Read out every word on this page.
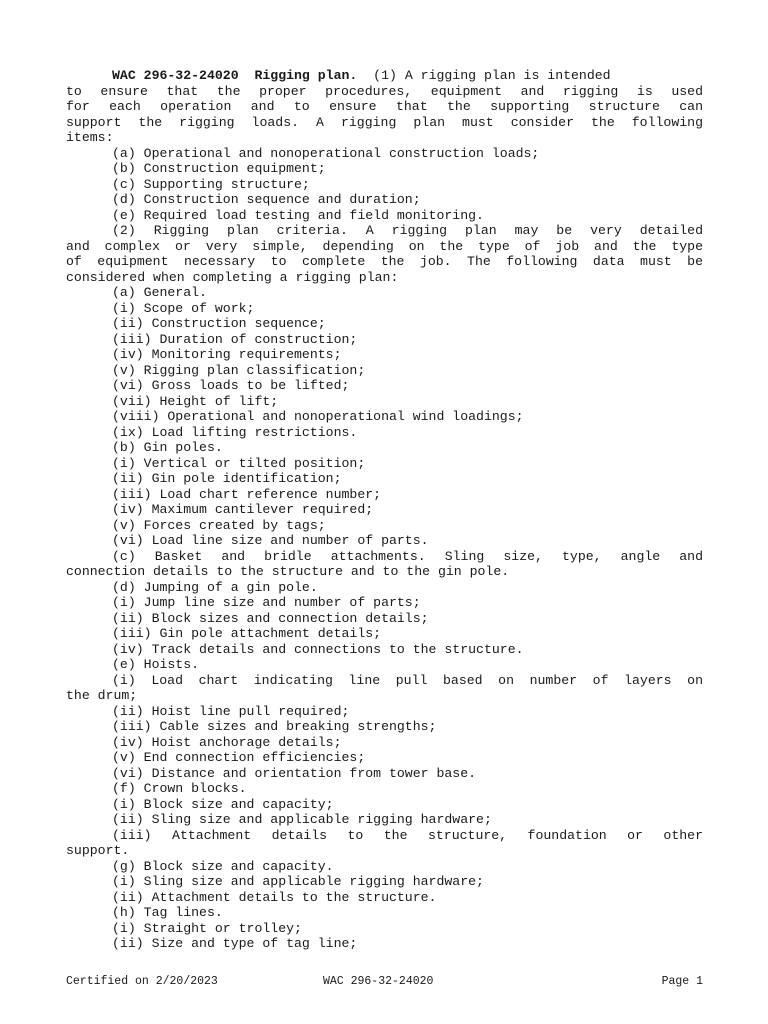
WAC 296-32-24020 Rigging plan. (1) A rigging plan is intended
to ensure that the proper procedures, equipment and rigging is used
for each operation and to ensure that the supporting structure can
support the rigging loads. A rigging plan must consider the following
items:
(a) Operational and nonoperational construction loads;
(b) Construction equipment;
(c) Supporting structure;
(d) Construction sequence and duration;
(e) Required load testing and field monitoring.
(2) Rigging plan criteria. A rigging plan may be very detailed
and complex or very simple, depending on the type of job and the type
of equipment necessary to complete the job. The following data must be
considered when completing a rigging plan:
(a) General.
(i) Scope of work;
(ii) Construction sequence;
(iii) Duration of construction;
(iv) Monitoring requirements;
(v) Rigging plan classification;
(vi) Gross loads to be lifted;
(vii) Height of lift;
(viii) Operational and nonoperational wind loadings;
(ix) Load lifting restrictions.
(b) Gin poles.
(i) Vertical or tilted position;
(ii) Gin pole identification;
(iii) Load chart reference number;
(iv) Maximum cantilever required;
(v) Forces created by tags;
(vi) Load line size and number of parts.
(c) Basket and bridle attachments. Sling size, type, angle and
connection details to the structure and to the gin pole.
(d) Jumping of a gin pole.
(i) Jump line size and number of parts;
(ii) Block sizes and connection details;
(iii) Gin pole attachment details;
(iv) Track details and connections to the structure.
(e) Hoists.
(i) Load chart indicating line pull based on number of layers on
the drum;
(ii) Hoist line pull required;
(iii) Cable sizes and breaking strengths;
(iv) Hoist anchorage details;
(v) End connection efficiencies;
(vi) Distance and orientation from tower base.
(f) Crown blocks.
(i) Block size and capacity;
(ii) Sling size and applicable rigging hardware;
(iii) Attachment details to the structure, foundation or other
support.
(g) Block size and capacity.
(i) Sling size and applicable rigging hardware;
(ii) Attachment details to the structure.
(h) Tag lines.
(i) Straight or trolley;
(ii) Size and type of tag line;
Certified on 2/20/2023	WAC 296-32-24020	Page 1
